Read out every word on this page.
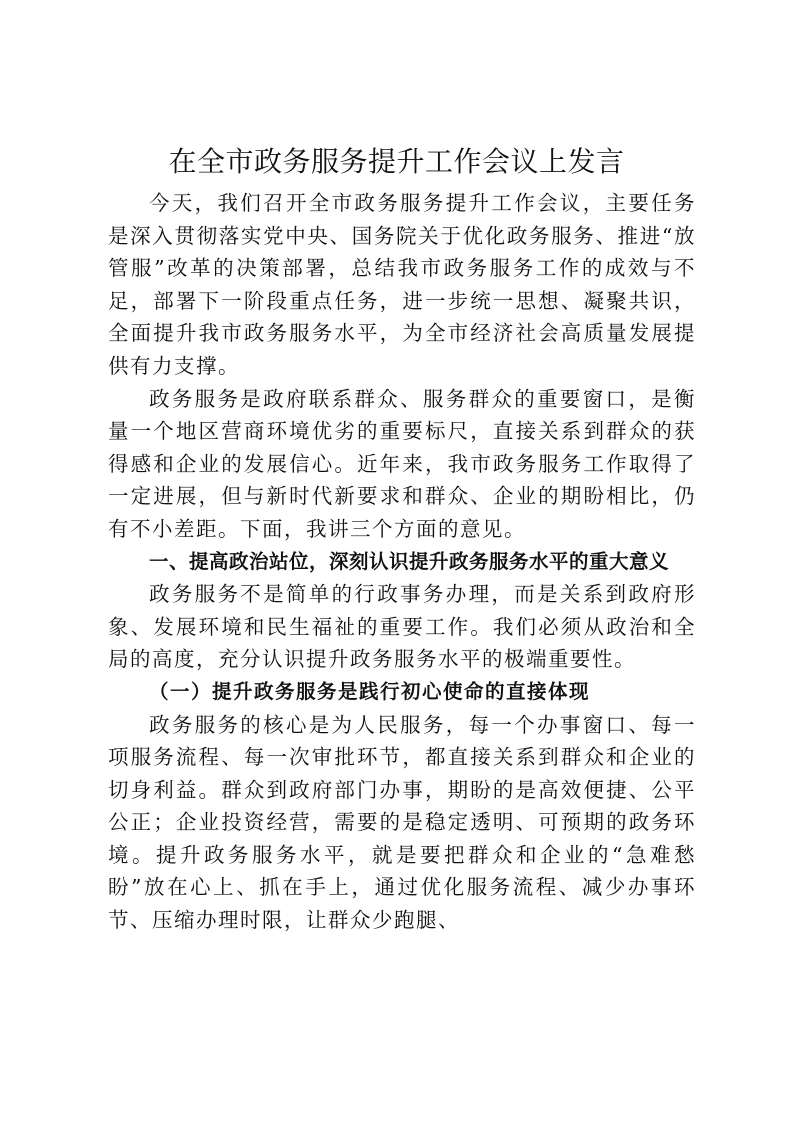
在全市政务服务提升工作会议上发言

今天，我们召开全市政务服务提升工作会议，主要任务是深入贯彻落实党中央、国务院关于优化政务服务、推进“放管服”改革的决策部署，总结我市政务服务工作的成效与不足，部署下一阶段重点任务，进一步统一思想、凝聚共识，全面提升我市政务服务水平，为全市经济社会高质量发展提供有力支撑。

政务服务是政府联系群众、服务群众的重要窗口，是衡量一个地区营商环境优劣的重要标尺，直接关系到群众的获得感和企业的发展信心。近年来，我市政务服务工作取得了一定进展，但与新时代新要求和群众、企业的期盼相比，仍有不小差距。下面，我讲三个方面的意见。

一、提高政治站位，深刻认识提升政务服务水平的重大意义

政务服务不是简单的行政事务办理，而是关系到政府形象、发展环境和民生福祉的重要工作。我们必须从政治和全局的高度，充分认识提升政务服务水平的极端重要性。

（一）提升政务服务是践行初心使命的直接体现

政务服务的核心是为人民服务，每一个办事窗口、每一项服务流程、每一次审批环节，都直接关系到群众和企业的切身利益。群众到政府部门办事，期盼的是高效便捷、公平公正；企业投资经营，需要的是稳定透明、可预期的政务环境。提升政务服务水平，就是要把群众和企业的“急难愁盼”放在心上、抓在手上，通过优化服务流程、减少办事环节、压缩办理时限，让群众少跑腿、
